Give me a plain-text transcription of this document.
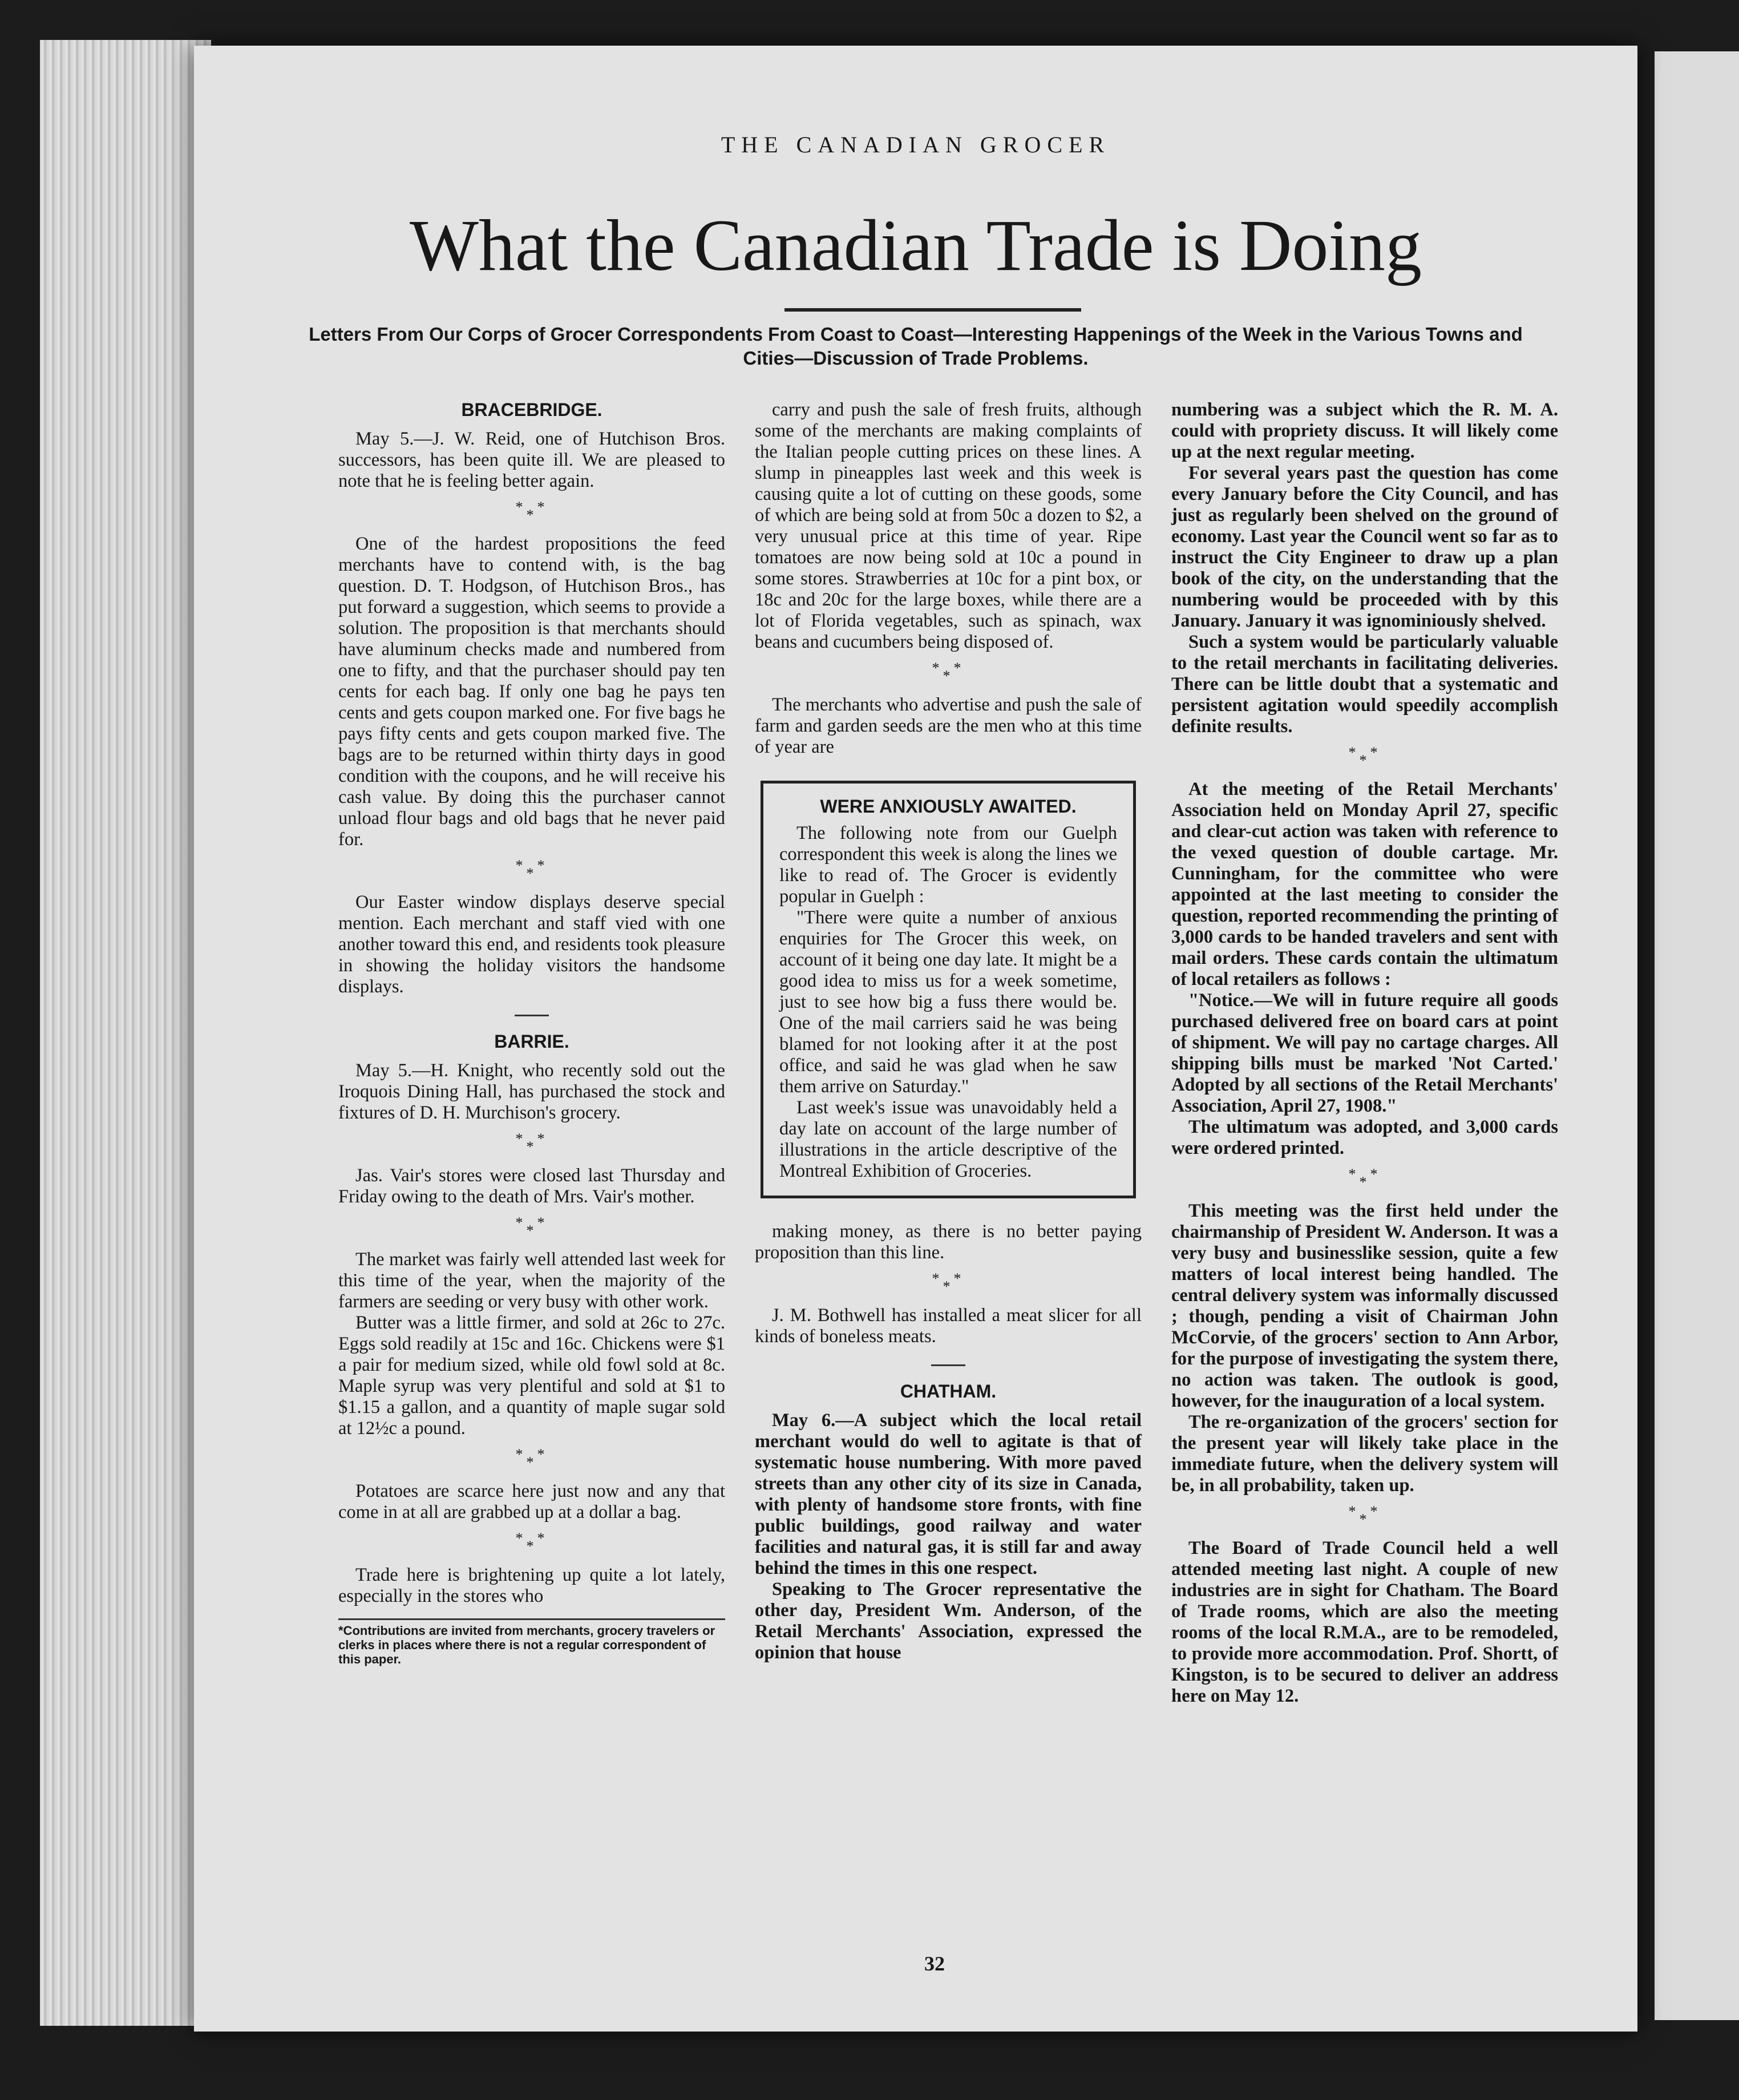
THE CANADIAN GROCER
What the Canadian Trade is Doing
Letters From Our Corps of Grocer Correspondents From Coast to Coast—Interesting Happenings of the Week in the Various Towns and Cities—Discussion of Trade Problems.
BRACEBRIDGE.

May 5.—J. W. Reid, one of Hutchison Bros. successors, has been quite ill. We are pleased to note that he is feeling better again.

***

One of the hardest propositions the feed merchants have to contend with, is the bag question. D. T. Hodgson, of Hutchison Bros., has put forward a suggestion, which seems to provide a solution. The proposition is that merchants should have aluminum checks made and numbered from one to fifty, and that the purchaser should pay ten cents for each bag. If only one bag he pays ten cents and gets coupon marked one. For five bags he pays fifty cents and gets coupon marked five. The bags are to be returned within thirty days in good condition with the coupons, and he will receive his cash value. By doing this the purchaser cannot unload flour bags and old bags that he never paid for.

***

Our Easter window displays deserve special mention. Each merchant and staff vied with one another toward this end, and residents took pleasure in showing the holiday visitors the handsome displays.

BARRIE.

May 5.—H. Knight, who recently sold out the Iroquois Dining Hall, has purchased the stock and fixtures of D. H. Murchison's grocery.

***

Jas. Vair's stores were closed last Thursday and Friday owing to the death of Mrs. Vair's mother.

***

The market was fairly well attended last week for this time of the year, when the majority of the farmers are seeding or very busy with other work.

Butter was a little firmer, and sold at 26c to 27c. Eggs sold readily at 15c and 16c. Chickens were $1 a pair for medium sized, while old fowl sold at 8c. Maple syrup was very plentiful and sold at $1 to $1.15 a gallon, and a quantity of maple sugar sold at 12½c a pound.

***

Potatoes are scarce here just now and any that come in at all are grabbed up at a dollar a bag.

***

Trade here is brightening up quite a lot lately, especially in the stores who

*Contributions are invited from merchants, grocery travelers or clerks in places where there is not a regular correspondent of this paper.

carry and push the sale of fresh fruits, although some of the merchants are making complaints of the Italian people cutting prices on these lines. A slump in pineapples last week and this week is causing quite a lot of cutting on these goods, some of which are being sold at from 50c a dozen to $2, a very unusual price at this time of year. Ripe tomatoes are now being sold at 10c a pound in some stores. Strawberries at 10c for a pint box, or 18c and 20c for the large boxes, while there are a lot of Florida vegetables, such as spinach, wax beans and cucumbers being disposed of.

***

The merchants who advertise and push the sale of farm and garden seeds are the men who at this time of year are

WERE ANXIOUSLY AWAITED.

The following note from our Guelph correspondent this week is along the lines we like to read of. The Grocer is evidently popular in Guelph :

"There were quite a number of anxious enquiries for The Grocer this week, on account of it being one day late. It might be a good idea to miss us for a week sometime, just to see how big a fuss there would be. One of the mail carriers said he was being blamed for not looking after it at the post office, and said he was glad when he saw them arrive on Saturday."

Last week's issue was unavoidably held a day late on account of the large number of illustrations in the article descriptive of the Montreal Exhibition of Groceries.

making money, as there is no better paying proposition than this line.

***

J. M. Bothwell has installed a meat slicer for all kinds of boneless meats.

CHATHAM.

May 6.—A subject which the local retail merchant would do well to agitate is that of systematic house numbering. With more paved streets than any other city of its size in Canada, with plenty of handsome store fronts, with fine public buildings, good railway and water facilities and natural gas, it is still far and away behind the times in this one respect.

Speaking to The Grocer representative the other day, President Wm. Anderson, of the Retail Merchants' Association, expressed the opinion that house

numbering was a subject which the R. M. A. could with propriety discuss. It will likely come up at the next regular meeting.

For several years past the question has come every January before the City Council, and has just as regularly been shelved on the ground of economy. Last year the Council went so far as to instruct the City Engineer to draw up a plan book of the city, on the understanding that the numbering would be proceeded with by this January. January it was ignominiously shelved.

Such a system would be particularly valuable to the retail merchants in facilitating deliveries. There can be little doubt that a systematic and persistent agitation would speedily accomplish definite results.

***

At the meeting of the Retail Merchants' Association held on Monday April 27, specific and clear-cut action was taken with reference to the vexed question of double cartage. Mr. Cunningham, for the committee who were appointed at the last meeting to consider the question, reported recommending the printing of 3,000 cards to be handed travelers and sent with mail orders. These cards contain the ultimatum of local retailers as follows :

"Notice.—We will in future require all goods purchased delivered free on board cars at point of shipment. We will pay no cartage charges. All shipping bills must be marked 'Not Carted.' Adopted by all sections of the Retail Merchants' Association, April 27, 1908."

The ultimatum was adopted, and 3,000 cards were ordered printed.

***

This meeting was the first held under the chairmanship of President W. Anderson. It was a very busy and businesslike session, quite a few matters of local interest being handled. The central delivery system was informally discussed ; though, pending a visit of Chairman John McCorvie, of the grocers' section to Ann Arbor, for the purpose of investigating the system there, no action was taken. The outlook is good, however, for the inauguration of a local system.

The re-organization of the grocers' section for the present year will likely take place in the immediate future, when the delivery system will be, in all probability, taken up.

***

The Board of Trade Council held a well attended meeting last night. A couple of new industries are in sight for Chatham. The Board of Trade rooms, which are also the meeting rooms of the local R.M.A., are to be remodeled, to provide more accommodation. Prof. Shortt, of Kingston, is to be secured to deliver an address here on May 12.

32
